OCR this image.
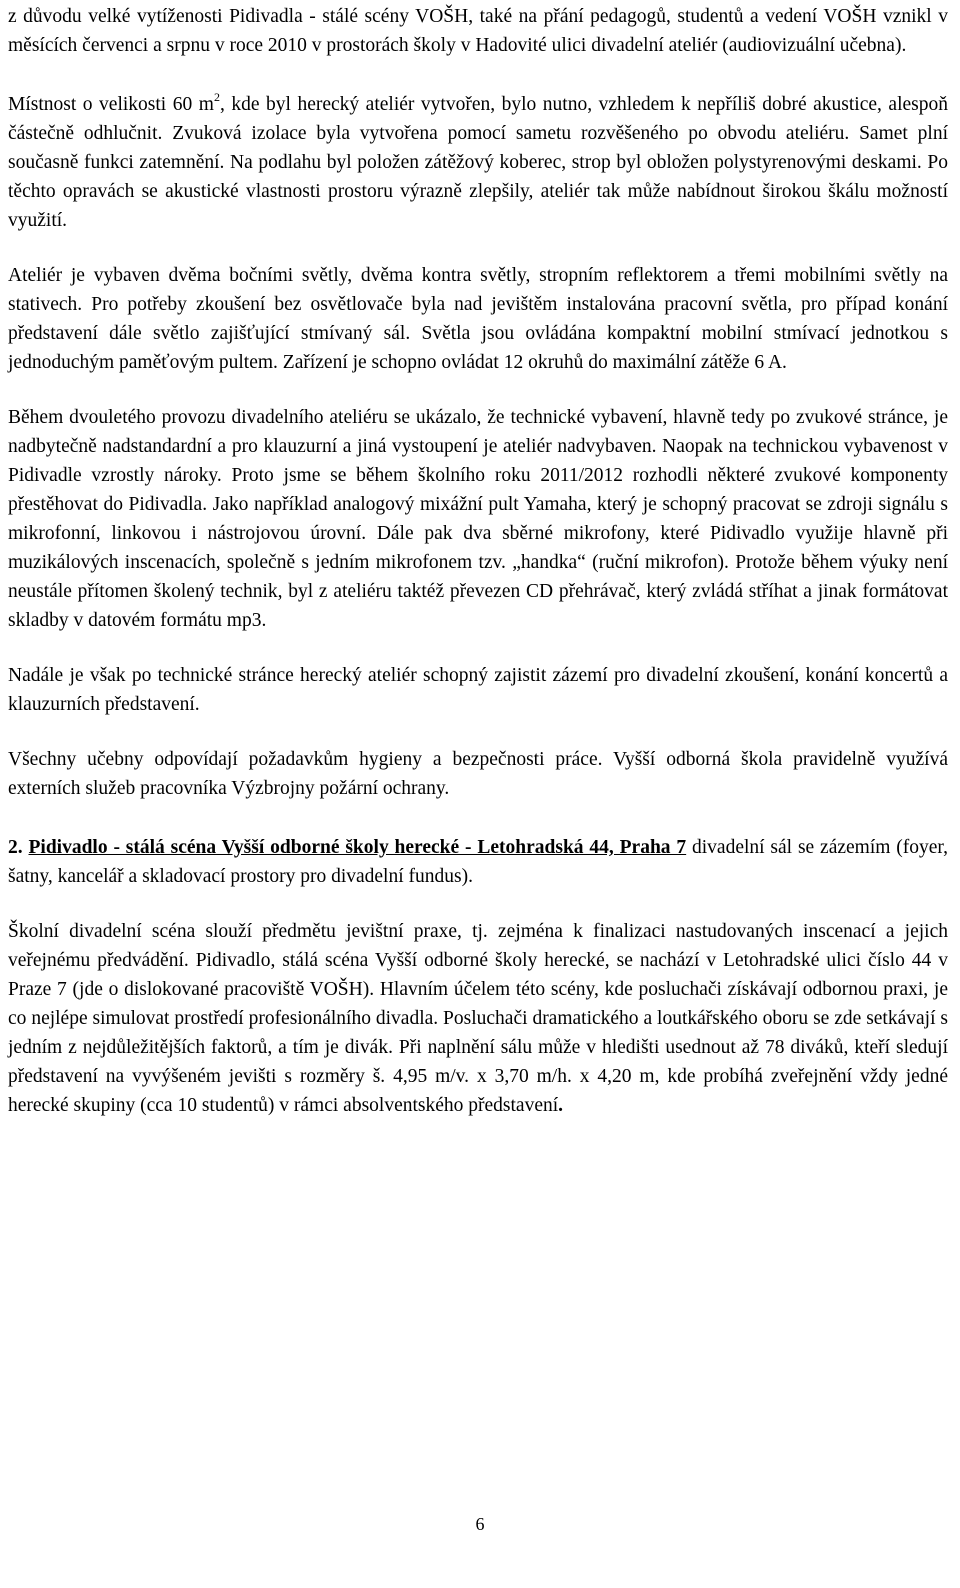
z důvodu velké vytíženosti Pidivadla - stálé scény VOŠH, také na přání pedagogů, studentů a vedení VOŠH vznikl v měsících červenci a srpnu v roce 2010 v prostorách školy v Hadovité ulici divadelní ateliér (audiovizuální učebna).

Místnost o velikosti 60 $m^2$, kde byl herecký ateliér vytvořen, bylo nutno, vzhledem k nepříliš dobré akustice, alespoň částečně odhlučnit. Zvuková izolace byla vytvořena pomocí sametu rozvěšeného po obvodu ateliéru. Samet plní současně funkci zatemnění. Na podlahu byl položen zátěžový koberec, strop byl obložen polystyrenovými deskami. Po těchto opravách se akustické vlastnosti prostoru výrazně zlepšily, ateliér tak může nabídnout širokou škálu možností využití.

Ateliér je vybaven dvěma bočními světly, dvěma kontra světly, stropním reflektorem a třemi mobilními světly na stativech. Pro potřeby zkoušení bez osvětlovače byla nad jevištěm instalována pracovní světla, pro případ konání představení dále světlo zajišťující stmívaný sál. Světla jsou ovládána kompaktní mobilní stmívací jednotkou s jednoduchým paměťovým pultem. Zařízení je schopno ovládat 12 okruhů do maximální zátěže 6 A.

Během dvouletého provozu divadelního ateliéru se ukázalo, že technické vybavení, hlavně tedy po zvukové stránce, je nadbytečně nadstandardní a pro klauzurní a jiná vystoupení je ateliér nadvybaven. Naopak na technickou vybavenost v Pidivadle vzrostly nároky. Proto jsme se během školního roku 2011/2012 rozhodli některé zvukové komponenty přestěhovat do Pidivadla. Jako například analogový mixážní pult Yamaha, který je schopný pracovat se zdroji signálu s mikrofonní, linkovou i nástrojovou úrovní. Dále pak dva sběrné mikrofony, které Pidivadlo využije hlavně při muzikálových inscenacích, společně s jedním mikrofonem tzv. „handka“ (ruční mikrofon). Protože během výuky není neustále přítomen školený technik, byl z ateliéru taktéž převezen CD přehrávač, který zvládá stříhat a jinak formátovat skladby v datovém formátu mp3.

Nadále je však po technické stránce herecký ateliér schopný zajistit zázemí pro divadelní zkoušení, konání koncertů a klauzurních představení.

Všechny učebny odpovídají požadavkům hygieny a bezpečnosti práce. Vyšší odborná škola pravidelně využívá externích služeb pracovníka Výzbrojny požární ochrany.

2. Pidivadlo - stálá scéna Vyšší odborné školy herecké - Letohradská 44, Praha 7 divadelní sál se zázemím (foyer, šatny, kancelář a skladovací prostory pro divadelní fundus).

Školní divadelní scéna slouží předmětu jevištní praxe, tj. zejména k finalizaci nastudovaných inscenací a jejich veřejnému předvádění. Pidivadlo, stálá scéna Vyšší odborné školy herecké, se nachází v Letohradské ulici číslo 44 v Praze 7 (jde o dislokované pracoviště VOŠH). Hlavním účelem této scény, kde posluchači získávají odbornou praxi, je co nejlépe simulovat prostředí profesionálního divadla. Posluchači dramatického a loutkářského oboru se zde setkávají s jedním z nejdůležitějších faktorů, a tím je divák. Při naplnění sálu může v hledišti usednout až 78 diváků, kteří sledují představení na vyvýšeném jevišti s rozměry š. 4,95 m/v. x 3,70 m/h. x 4,20 m, kde probíhá zveřejnění vždy jedné herecké skupiny (cca 10 studentů) v rámci absolventského představení.

6
